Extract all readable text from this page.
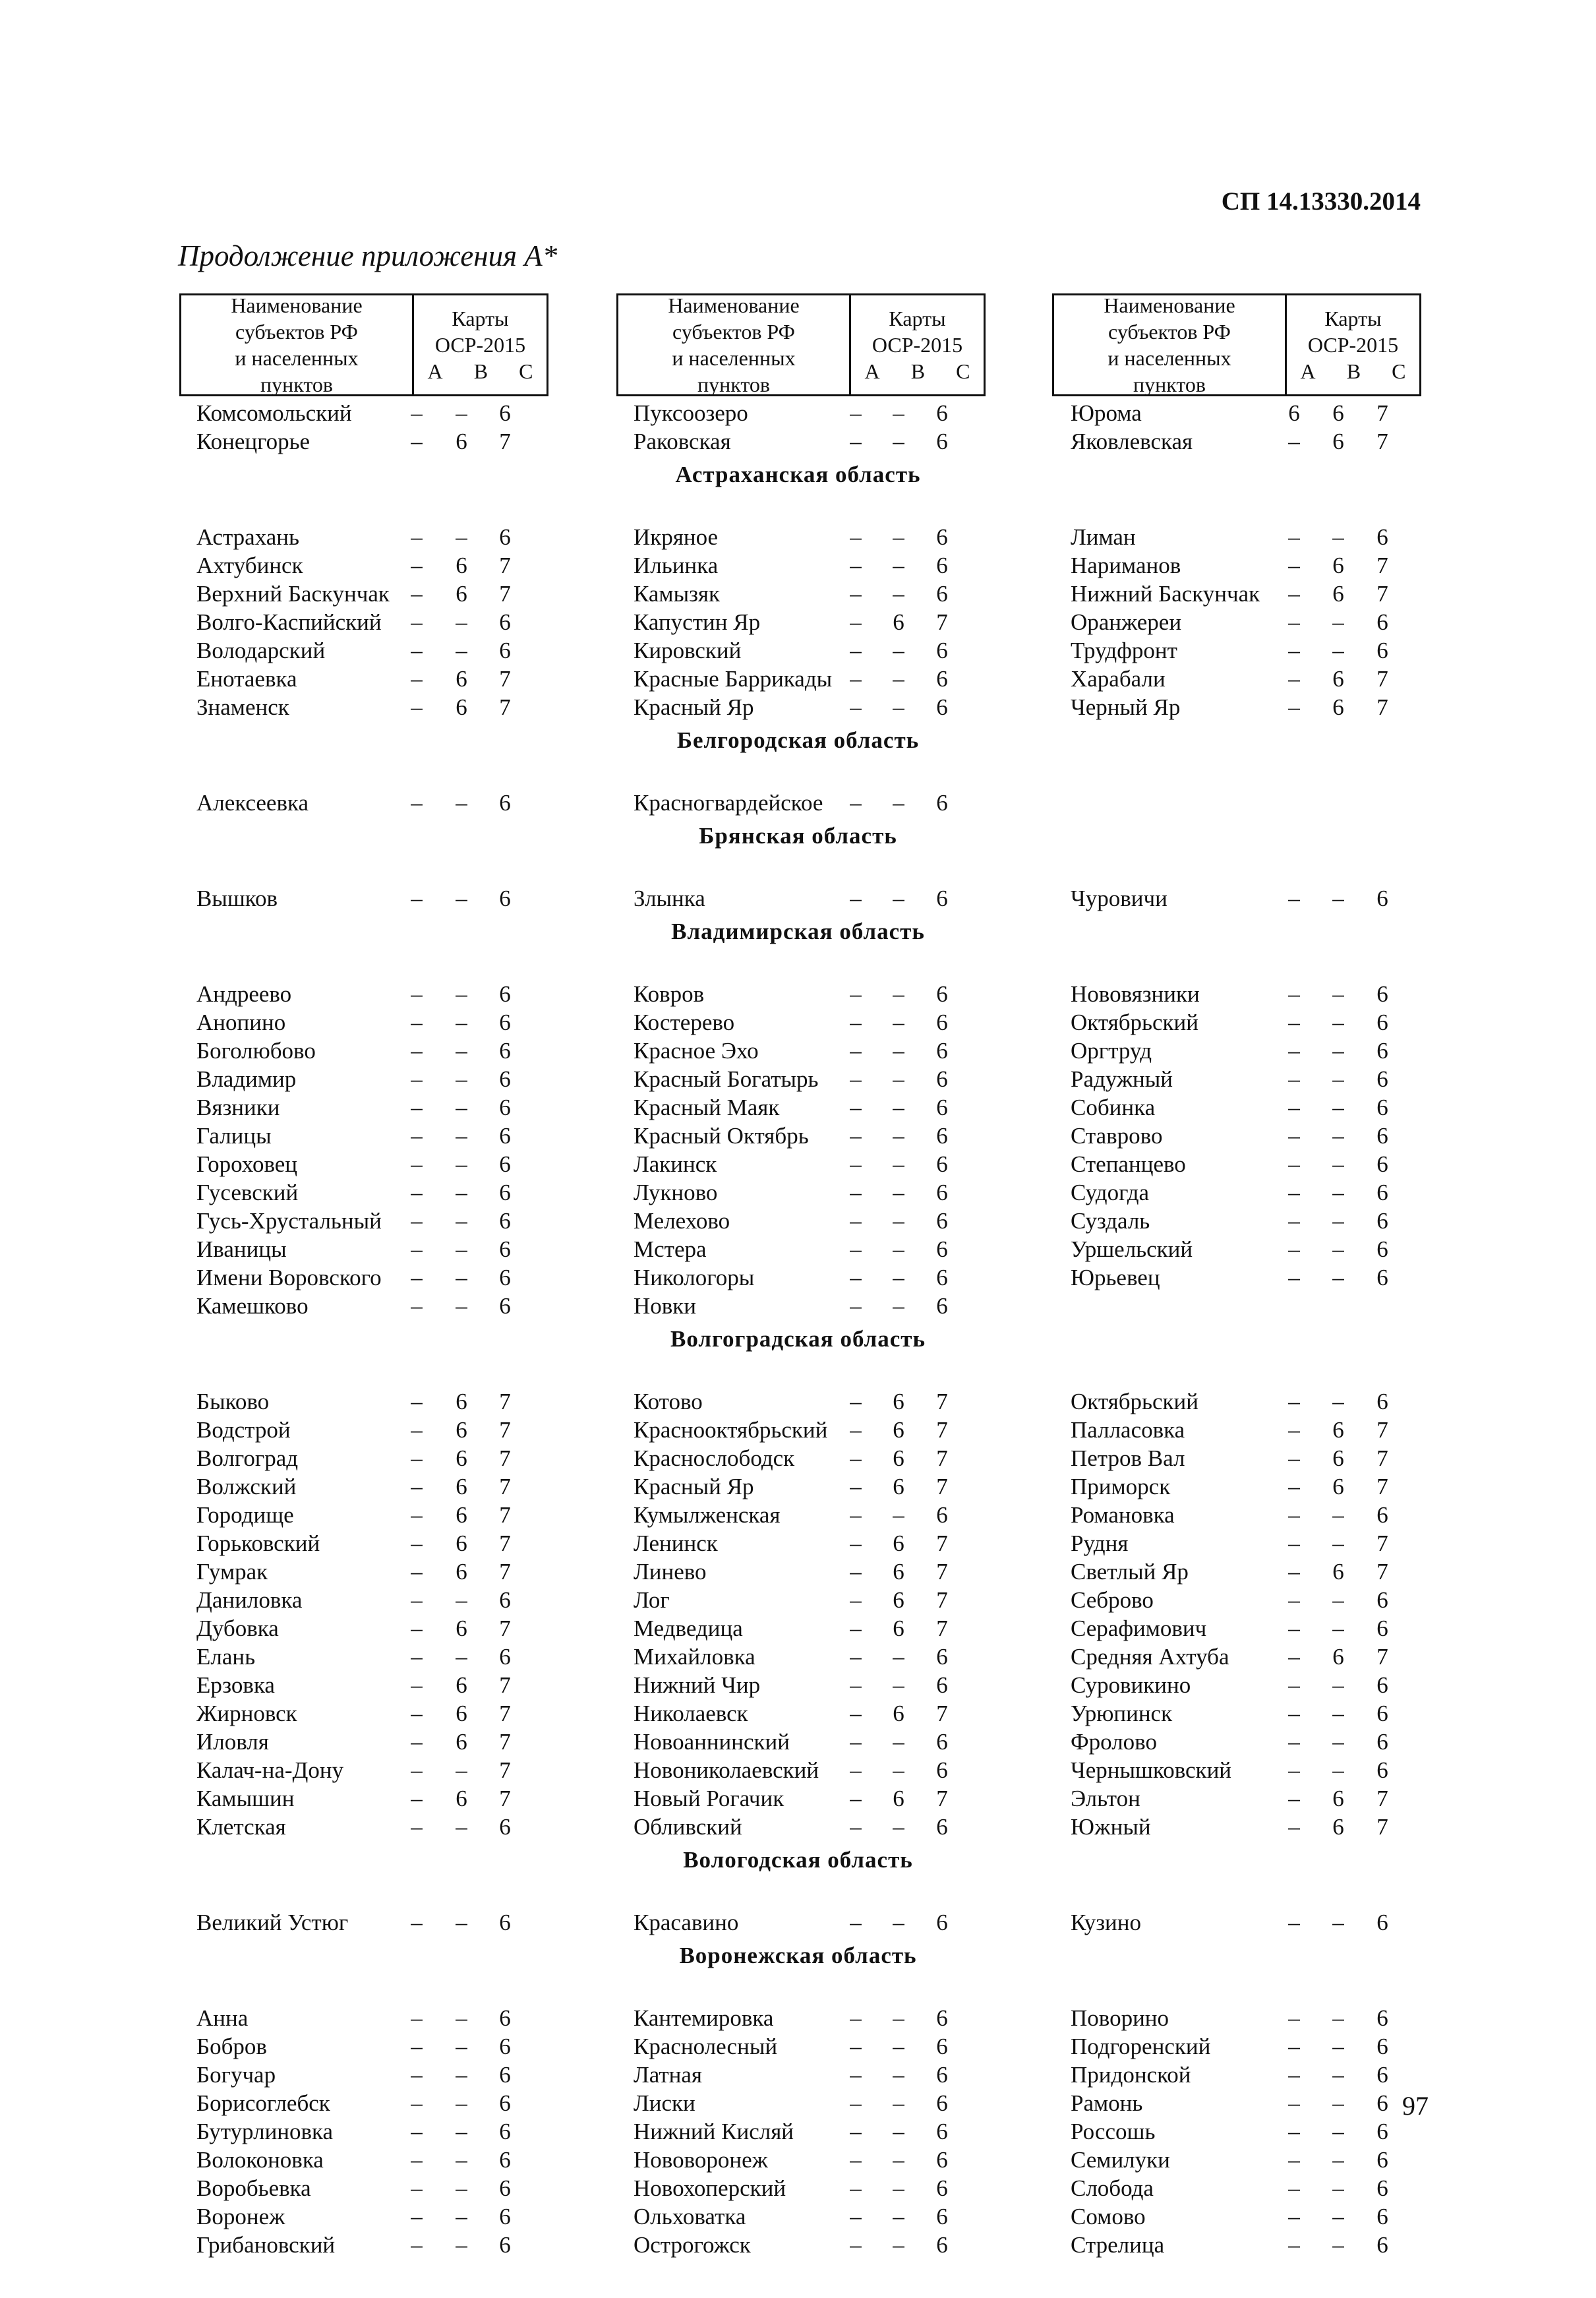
СП 14.13330.2014
Продолжение приложения А*
Наименование
субъектов РФ
и населенных
пунктов
Карты
ОСР-2015
A B C
Наименование
субъектов РФ
и населенных
пунктов
Карты
ОСР-2015
A B C
Наименование
субъектов РФ
и населенных
пунктов
Карты
ОСР-2015
A B C
Комсомольский	–	–	6	Пуксоозеро	–	–	6	Юрома	6	6	7
Конецгорье	–	6	7	Раковская	–	–	6	Яковлевская	–	6	7
Астраханская область
Астрахань	–	–	6	Икряное	–	–	6	Лиман	–	–	6
Ахтубинск	–	6	7	Ильинка	–	–	6	Нариманов	–	6	7
Верхний Баскунчак –	6	7	Камызяк	–	–	6	Нижний Баскунчак	–	6	7
Волго-Каспийский	–	–	6	Капустин Яр	–	6	7	Оранжереи	–	–	6
Володарский	–	–	6	Кировский	–	–	6	Трудфронт	–	–	6
Енотаевка	–	6	7	Красные Баррикады –	–	6	Харабали	–	6	7
Знаменск	–	6	7	Красный Яр	–	–	6	Черный Яр	–	6	7
Белгородская область
Алексеевка	–	–	6	Красногвардейское	–	–	6
Брянская область
Вышков	–	–	6	Злынка	–	–	6	Чуровичи	–	–	6
Владимирская область
Андреево	–	–	6	Ковров	–	–	6	Нововязники	–	–	6
Анопино	–	–	6	Костерево	–	–	6	Октябрьский	–	–	6
Боголюбово	–	–	6	Красное Эхо	–	–	6	Оргтруд	–	–	6
Владимир	–	–	6	Красный Богатырь	–	–	6	Радужный	–	–	6
Вязники	–	–	6	Красный Маяк	–	–	6	Собинка	–	–	6
Галицы	–	–	6	Красный Октябрь	–	–	6	Ставрово	–	–	6
Гороховец	–	–	6	Лакинск	–	–	6	Степанцево	–	–	6
Гусевский	–	–	6	Лукново	–	–	6	Судогда	–	–	6
Гусь-Хрустальный	–	–	6	Мелехово	–	–	6	Суздаль	–	–	6
Иваницы	–	–	6	Мстера	–	–	6	Уршельский	–	–	6
Имени Воровского	–	–	6	Никологоры	–	–	6	Юрьевец	–	–	6
Камешково	–	–	6	Новки	–	–	6
Волгоградская область
Быково	–	6	7	Котово	–	6	7	Октябрьский	–	–	6
Водстрой	–	6	7	Краснооктябрьский –	6	7	Палласовка	–	6	7
Волгоград	–	6	7	Краснослободск	–	6	7	Петров Вал	–	6	7
Волжский	–	6	7	Красный Яр	–	6	7	Приморск	–	6	7
Городище	–	6	7	Кумылженская	–	–	6	Романовка	–	–	6
Горьковский	–	6	7	Ленинск	–	6	7	Рудня	–	–	7
Гумрак	–	6	7	Линево	–	6	7	Светлый Яр	–	6	7
Даниловка	–	–	6	Лог	–	6	7	Себрово	–	–	6
Дубовка	–	6	7	Медведица	–	6	7	Серафимович	–	–	6
Елань	–	–	6	Михайловка	–	–	6	Средняя Ахтуба	–	6	7
Ерзовка	–	6	7	Нижний Чир	–	–	6	Суровикино	–	–	6
Жирновск	–	6	7	Николаевск	–	6	7	Урюпинск	–	–	6
Иловля	–	6	7	Новоаннинский	–	–	6	Фролово	–	–	6
Калач-на-Дону	–	–	7	Новониколаевский	–	–	6	Чернышковский	–	–	6
Камышин	–	6	7	Новый Рогачик	–	6	7	Эльтон	–	6	7
Клетская	–	–	6	Обливский	–	–	6	Южный	–	6	7
Вологодская область
Великий Устюг	–	–	6	Красавино	–	–	6	Кузино	–	–	6
Воронежская область
Анна	–	–	6	Кантемировка	–	–	6	Поворино	–	–	6
Бобров	–	–	6	Краснолесный	–	–	6	Подгоренский	–	–	6
Богучар	–	–	6	Латная	–	–	6	Придонской	–	–	6
Борисоглебск	–	–	6	Лиски	–	–	6	Рамонь	–	–	6
Бутурлиновка	–	–	6	Нижний Кисляй	–	–	6	Россошь	–	–	6
Волоконовка	–	–	6	Нововоронеж	–	–	6	Семилуки	–	–	6
Воробьевка	–	–	6	Новохоперский	–	–	6	Слобода	–	–	6
Воронеж	–	–	6	Ольховатка	–	–	6	Сомово	–	–	6
Грибановский	–	–	6	Острогожск	–	–	6	Стрелица	–	–	6
97
